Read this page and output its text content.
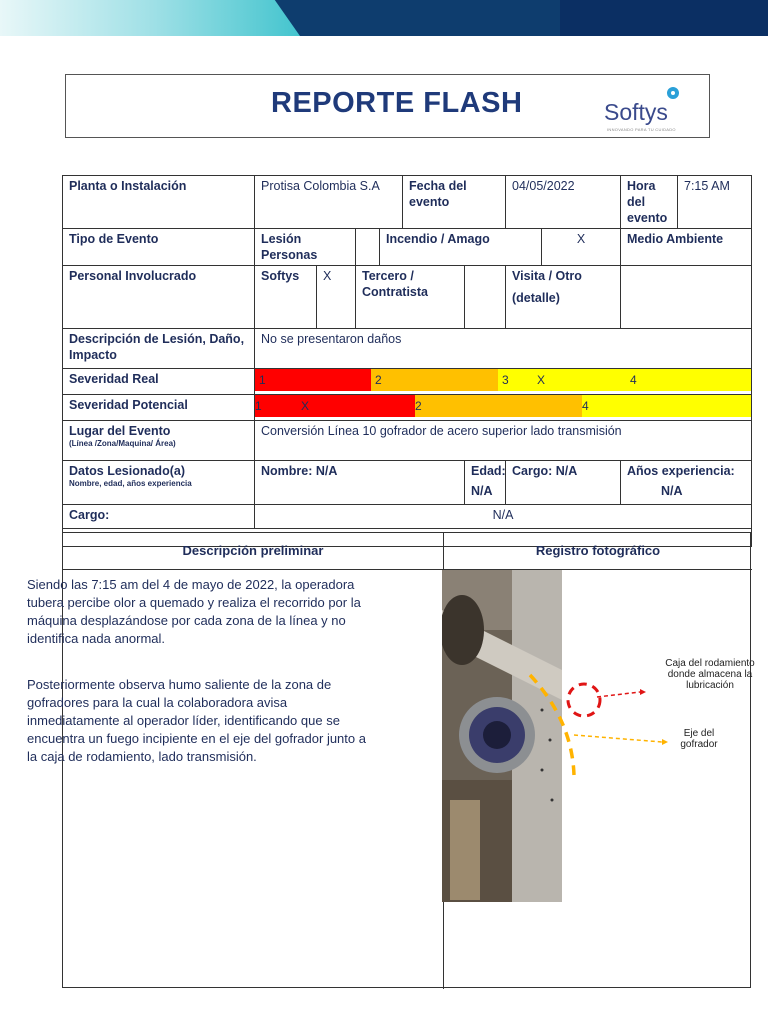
REPORTE FLASH	Softys
INNOVANDO PARA TU CUIDADO
Planta o Instalación	Protisa Colombia S.A				Fecha del evento		04/05/2022		Hora del evento	7:15 AM
Tipo de Evento	Lesión Personas			Incendio / Amago				X	Medio Ambiente	
Personal Involucrado	Softys	X	Tercero / Contratista				Visita / Otro
(detalle)			
Descripción de Lesión, Daño, Impacto	No se presentaron daños									
Severidad Real	1 2 3 X 4									

Severidad Potencial	1 X 2 4									

Lugar del Evento
(Línea /Zona/Maquina/ Área)	Conversión Línea 10 gofrador de acero superior lado transmisión									
Datos Lesionado(a)
Nombre, edad, años experiencia	Nombre: N/A					Edad:
N/A	Cargo: N/A		Años experiencia:
N/A	
Cargo:	N/A									

Descripción preliminar	Registro fotográfico
Siendo las 7:15 am del 4 de mayo de 2022, la operadora tubera percibe olor a quemado y realiza el recorrido por la máquina desplazándose por cada zona de la línea y no identifica nada anormal.
Posteriormente observa humo saliente de la zona de gofradores para la cual la colaboradora avisa inmediatamente al operador líder, identificando que se encuentra un fuego incipiente en el eje del gofrador junto a la caja de rodamiento, lado transmisión.
Caja del rodamiento donde almacena la lubricación
Eje del gofrador
